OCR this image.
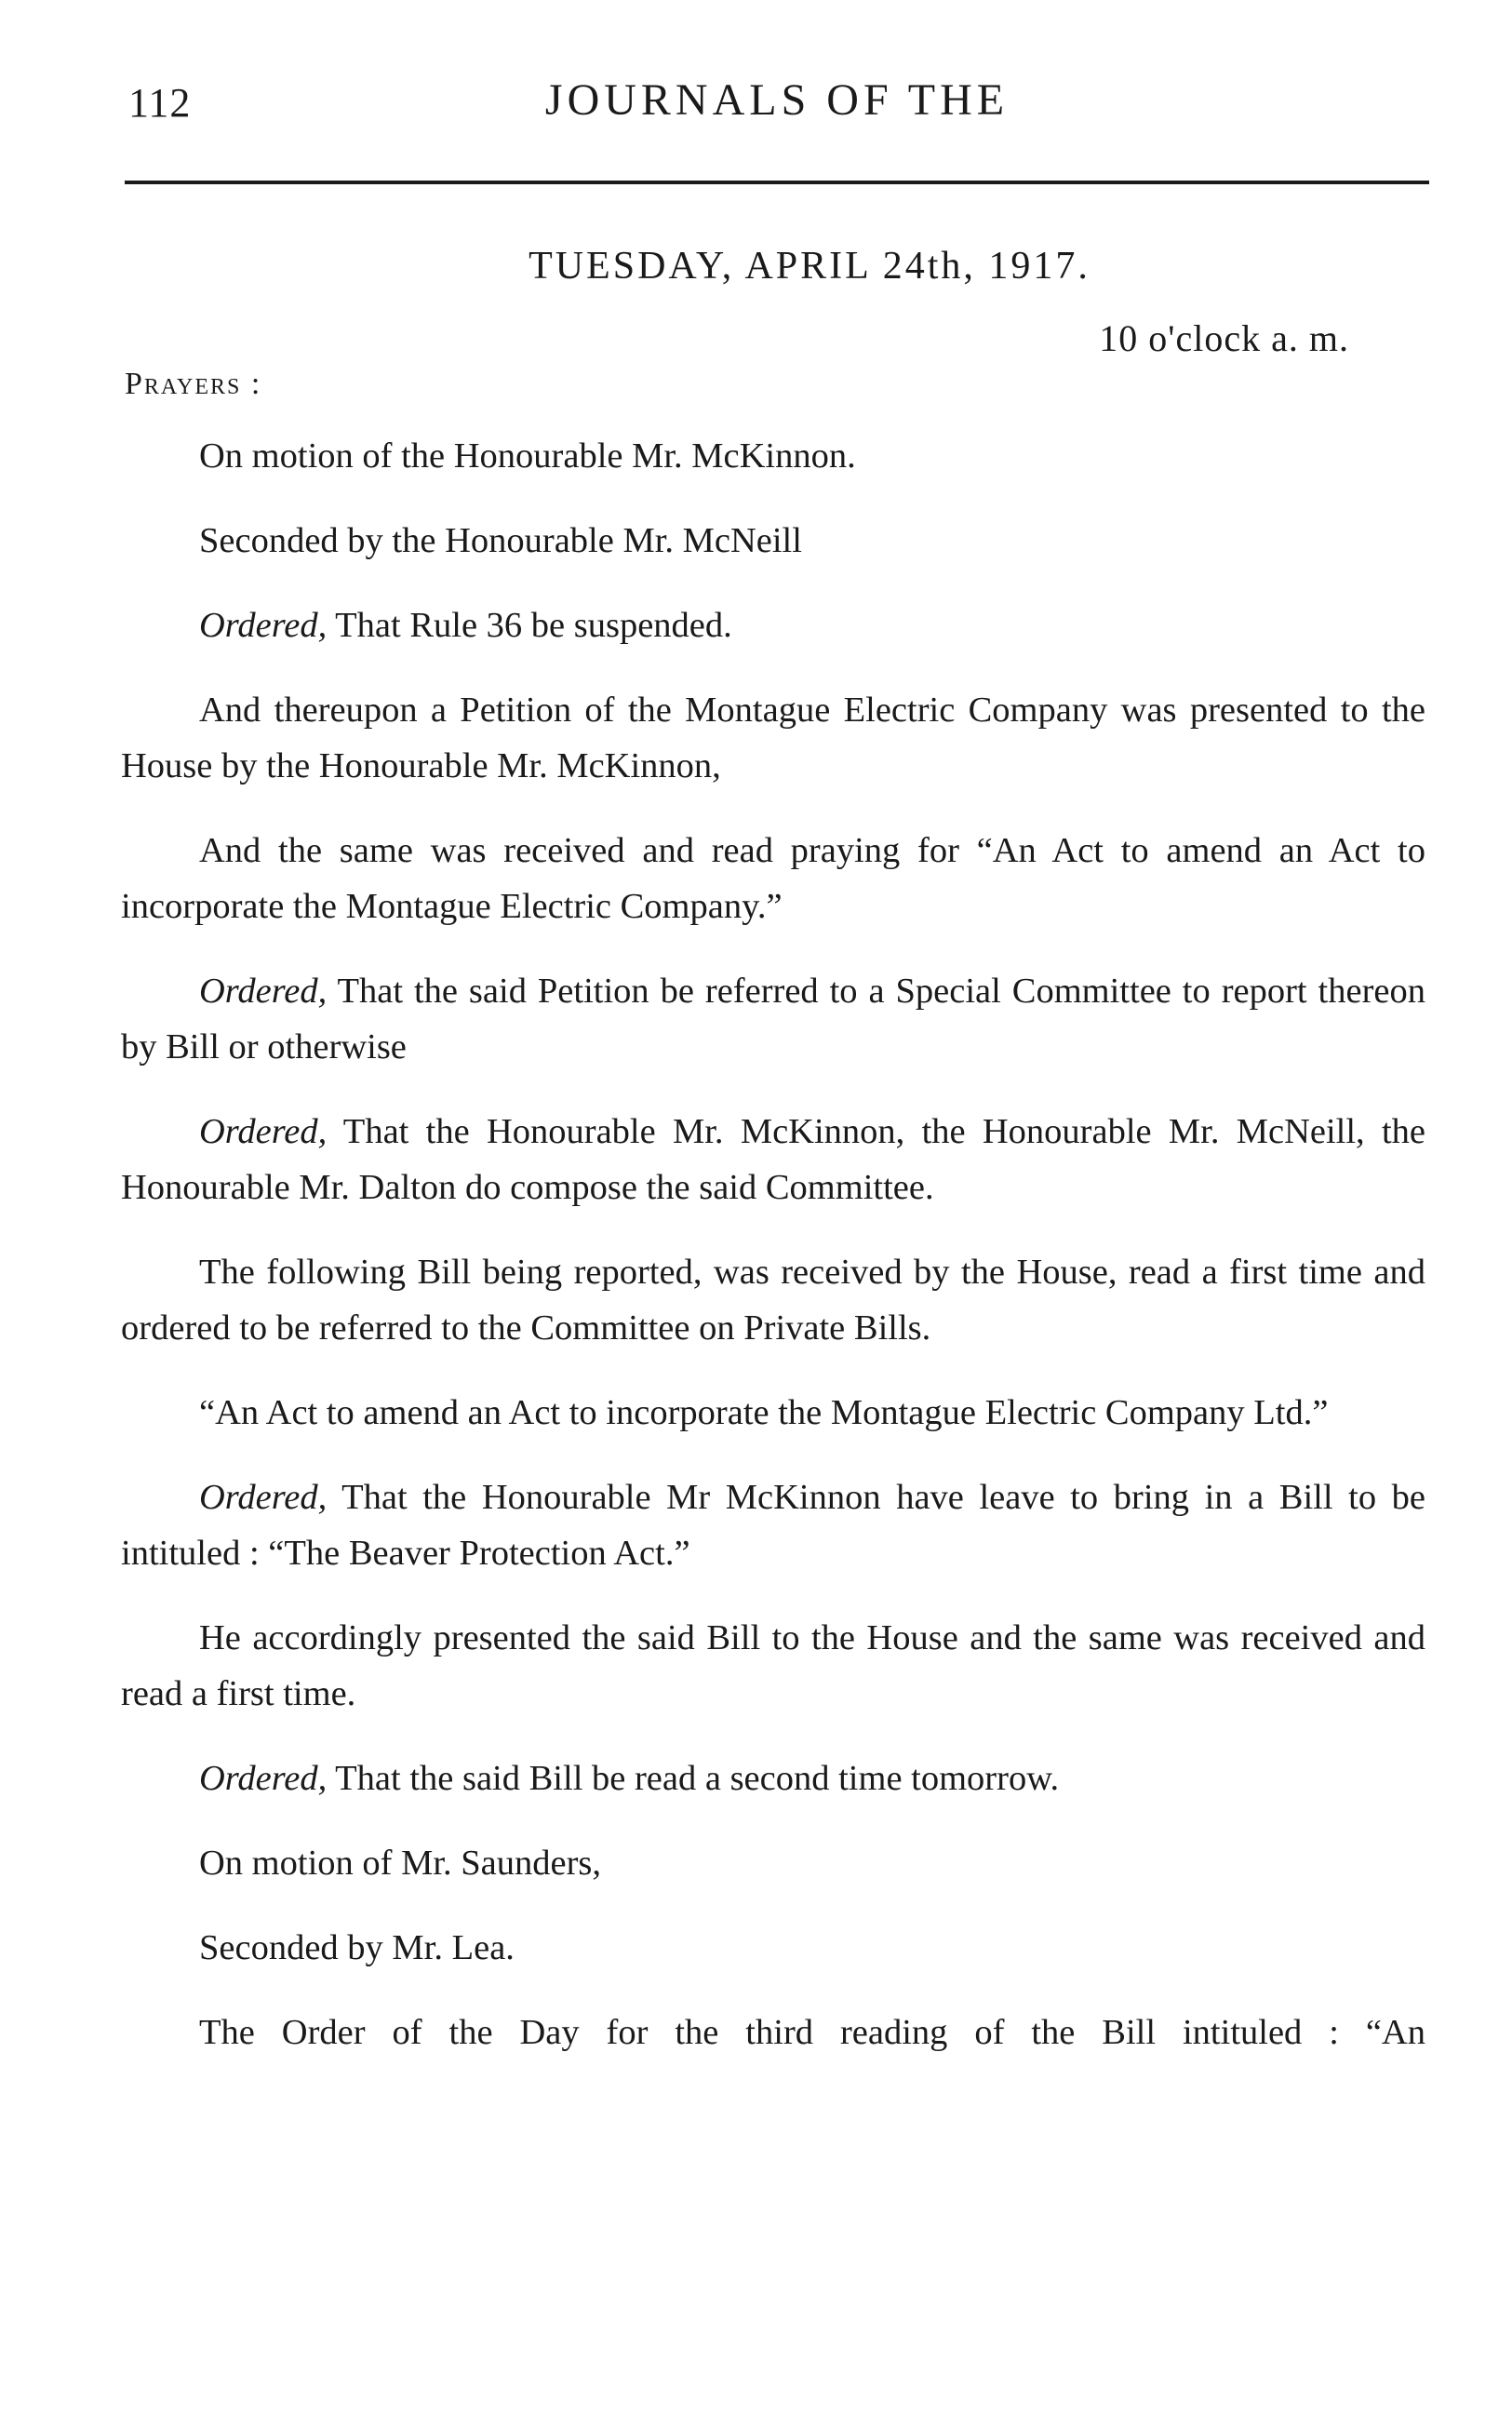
112	JOURNALS OF THE
TUESDAY, APRIL 24th, 1917.
10 o'clock a. m.
Prayers :

On motion of the Honourable Mr. McKinnon.

Seconded by the Honourable Mr. McNeill

Ordered, That Rule 36 be suspended.

And thereupon a Petition of the Montague Electric Company was presented to the House by the Honourable Mr. McKinnon,

And the same was received and read praying for “An Act to amend an Act to incorporate the Montague Electric Company.”

Ordered, That the said Petition be referred to a Special Committee to report thereon by Bill or otherwise

Ordered, That the Honourable Mr. McKinnon, the Honourable Mr. McNeill, the Honourable Mr. Dalton do compose the said Committee.

The following Bill being reported, was received by the House, read a first time and ordered to be referred to the Committee on Private Bills.

“An Act to amend an Act to incorporate the Montague Electric Company Ltd.”

Ordered, That the Honourable Mr McKinnon have leave to bring in a Bill to be intituled : “The Beaver Protection Act.”

He accordingly presented the said Bill to the House and the same was received and read a first time.

Ordered, That the said Bill be read a second time tomorrow.

On motion of Mr. Saunders,

Seconded by Mr. Lea.

The Order of the Day for the third reading of the Bill intituled : “An
